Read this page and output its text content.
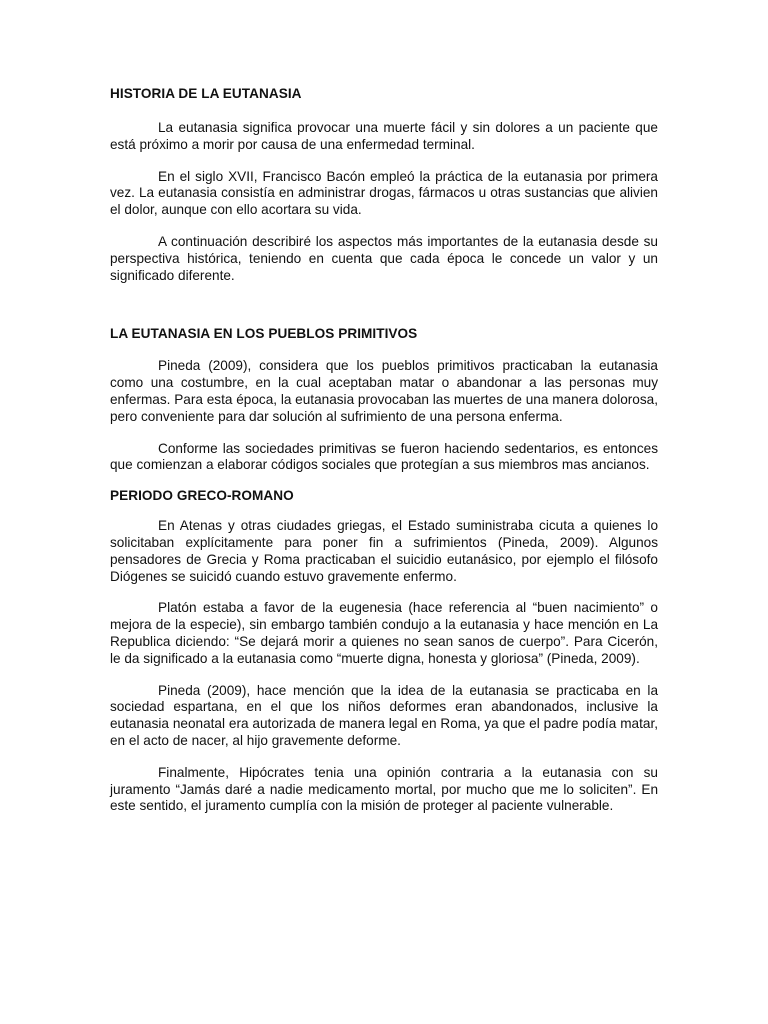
HISTORIA DE LA EUTANASIA

La eutanasia significa provocar una muerte fácil y sin dolores a un paciente que está próximo a morir por causa de una enfermedad terminal.

En el siglo XVII, Francisco Bacón empleó la práctica de la eutanasia por primera vez. La eutanasia consistía en administrar drogas, fármacos u otras sustancias que alivien el dolor, aunque con ello acortara su vida.

A continuación describiré los aspectos más importantes de la eutanasia desde su perspectiva histórica, teniendo en cuenta que cada época le concede un valor y un significado diferente.

LA EUTANASIA EN LOS PUEBLOS PRIMITIVOS

Pineda (2009), considera que los pueblos primitivos practicaban la eutanasia como una costumbre, en la cual aceptaban matar o abandonar a las personas muy enfermas. Para esta época, la eutanasia provocaban las muertes de una manera dolorosa, pero conveniente para dar solución al sufrimiento de una persona enferma.

Conforme las sociedades primitivas se fueron haciendo sedentarios, es entonces que comienzan a elaborar códigos sociales que protegían a sus miembros mas ancianos.

PERIODO GRECO-ROMANO

En Atenas y otras ciudades griegas, el Estado suministraba cicuta a quienes lo solicitaban explícitamente para poner fin a sufrimientos (Pineda, 2009). Algunos pensadores de Grecia y Roma practicaban el suicidio eutanásico, por ejemplo el filósofo Diógenes se suicidó cuando estuvo gravemente enfermo.

Platón estaba a favor de la eugenesia (hace referencia al “buen nacimiento” o mejora de la especie), sin embargo también condujo a la eutanasia y hace mención en La Republica diciendo: “Se dejará morir a quienes no sean sanos de cuerpo”. Para Cicerón, le da significado a la eutanasia como “muerte digna, honesta y gloriosa” (Pineda, 2009).

Pineda (2009), hace mención que la idea de la eutanasia se practicaba en la sociedad espartana, en el que los niños deformes eran abandonados, inclusive la eutanasia neonatal era autorizada de manera legal en Roma, ya que el padre podía matar, en el acto de nacer, al hijo gravemente deforme.

Finalmente, Hipócrates tenia una opinión contraria a la eutanasia con su juramento “Jamás daré a nadie medicamento mortal, por mucho que me lo soliciten”. En este sentido, el juramento cumplía con la misión de proteger al paciente vulnerable.
